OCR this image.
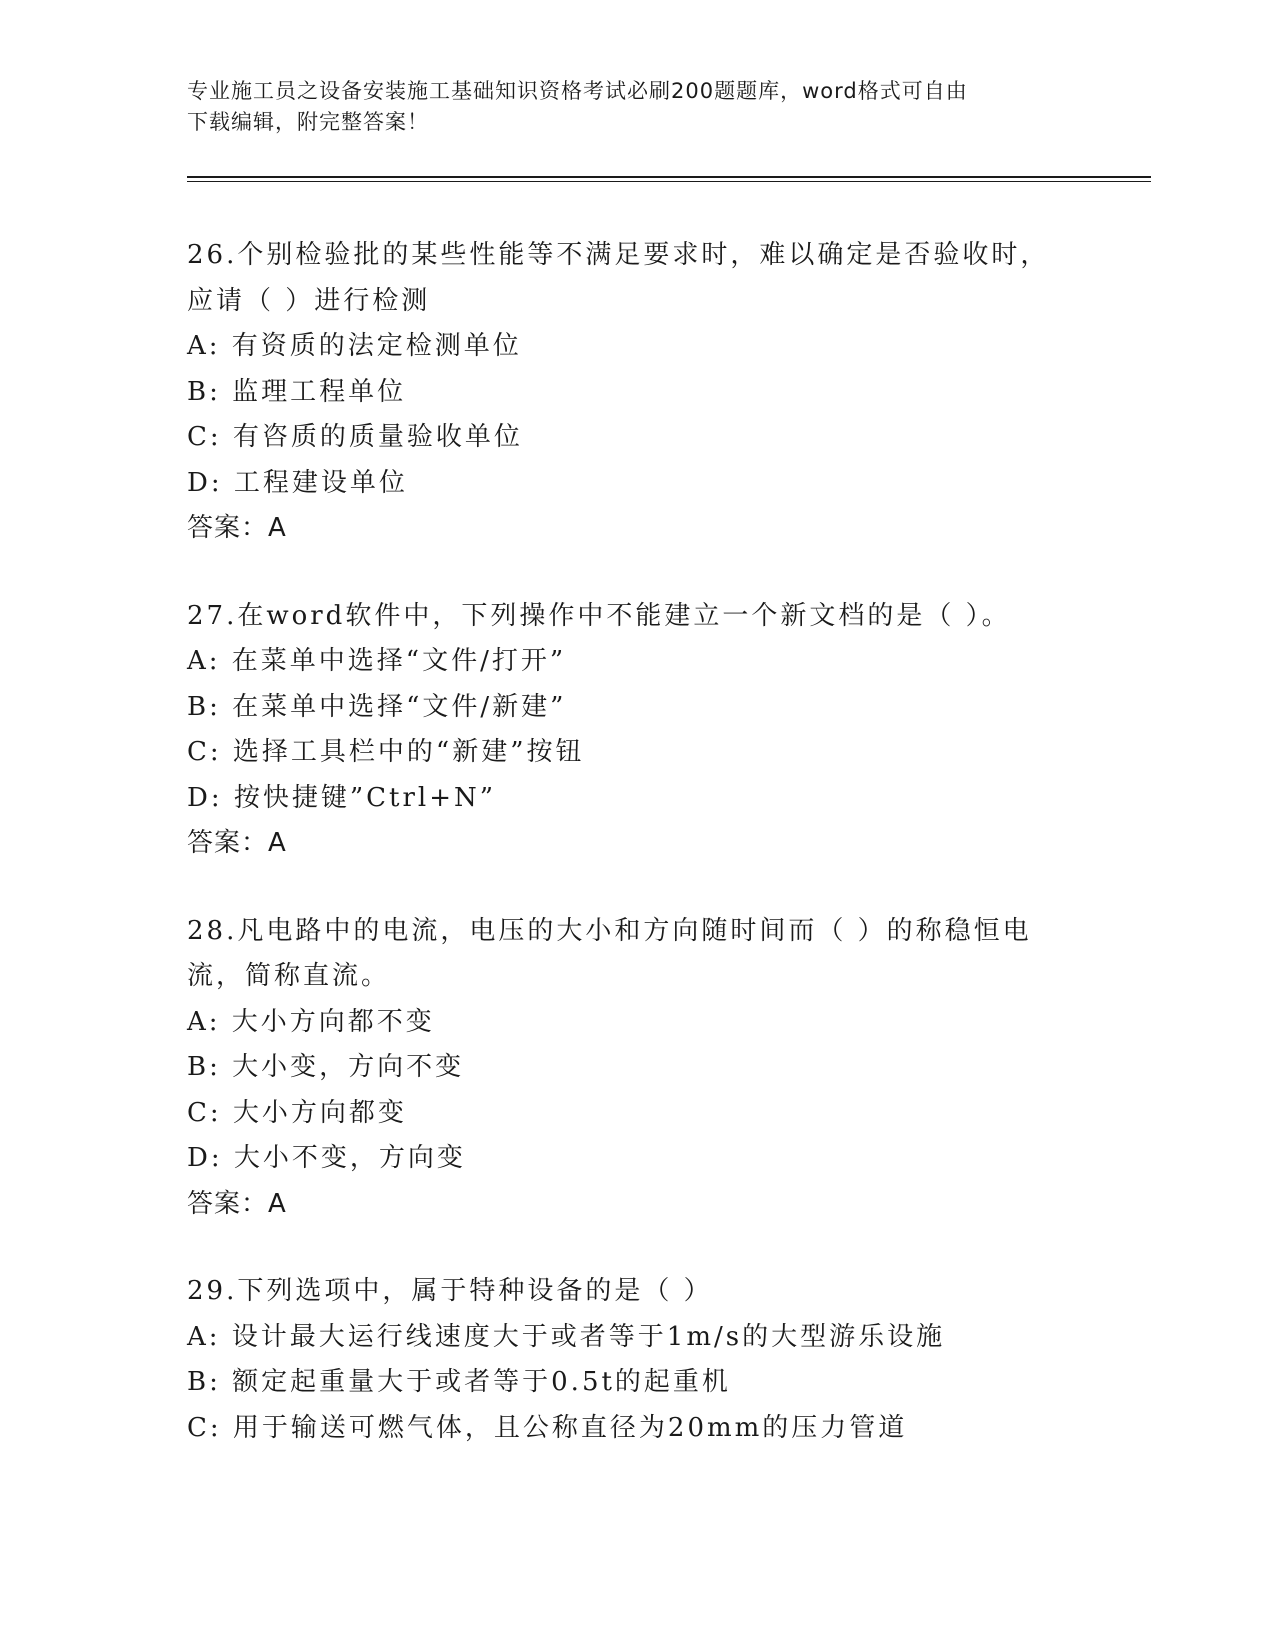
专业施工员之设备安装施工基础知识资格考试必刷200题题库，word格式可自由
下载编辑，附完整答案！
26.个别检验批的某些性能等不满足要求时，难以确定是否验收时，应请（ ）进行检测
A: 有资质的法定检测单位
B: 监理工程单位
C: 有咨质的质量验收单位
D: 工程建设单位
答案：A
27.在word软件中，下列操作中不能建立一个新文档的是（ ）。
A: 在菜单中选择“文件/打开”
B: 在菜单中选择“文件/新建”
C: 选择工具栏中的“新建”按钮
D: 按快捷键”Ctrl+N”
答案：A
28.凡电路中的电流，电压的大小和方向随时间而（ ）的称稳恒电流，简称直流。
A: 大小方向都不变
B: 大小变，方向不变
C: 大小方向都变
D: 大小不变，方向变
答案：A
29.下列选项中，属于特种设备的是（ ）
A: 设计最大运行线速度大于或者等于1m/s的大型游乐设施
B: 额定起重量大于或者等于0.5t的起重机
C: 用于输送可燃气体，且公称直径为20mm的压力管道
